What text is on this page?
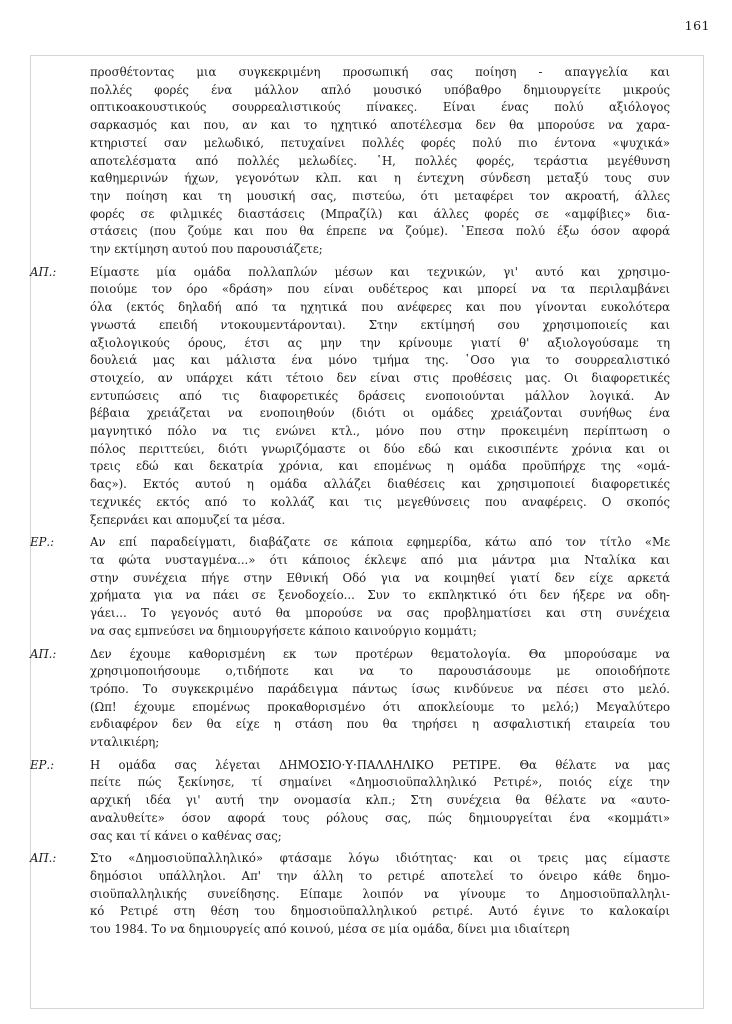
161
προσθέτοντας μια συγκεκριμένη προσωπική σας ποίηση - απαγγελία και
πολλές φορές ένα μάλλον απλό μουσικό υπόβαθρο δημιουργείτε μικρούς
οπτικοακουστικούς σουρρεαλιστικούς πίνακες. Είναι ένας πολύ αξιόλογος
σαρκασμός και που, αν και το ηχητικό αποτέλεσμα δεν θα μπορούσε να χαρα-
κτηριστεί σαν μελωδικό, πετυχαίνει πολλές φορές πολύ πιο έντονα «ψυχικά»
αποτελέσματα από πολλές μελωδίες. ῾Η, πολλές φορές, τεράστια μεγέθυνση
καθημερινών ήχων, γεγονότων κλπ. και η έντεχνη σύνδεση μεταξύ τους συν
την ποίηση και τη μουσική σας, πιστεύω, ότι μεταφέρει τον ακροατή, άλλες
φορές σε φιλμικές διαστάσεις (Μπραζίλ) και άλλες φορές σε «αμφίβιες» δια-
στάσεις (που ζούμε και που θα έπρεπε να ζούμε). ῾Επεσα πολύ έξω όσον αφορά
την εκτίμηση αυτού που παρουσιάζετε;
ΑΠ.:	Είμαστε μία ομάδα πολλαπλών μέσων και τεχνικών, γι' αυτό και χρησιμο-
ποιούμε τον όρο «δράση» που είναι ουδέτερος και μπορεί να τα περιλαμβάνει
όλα (εκτός δηλαδή από τα ηχητικά που ανέφερες και που γίνονται ευκολότερα
γνωστά επειδή ντοκουμεντάρονται). Στην εκτίμησή σου χρησιμοποιείς και
αξιολογικούς όρους, έτσι ας μην την κρίνουμε γιατί θ' αξιολογούσαμε τη
δουλειά μας και μάλιστα ένα μόνο τμήμα της. ῾Οσο για το σουρρεαλιστικό
στοιχείο, αν υπάρχει κάτι τέτοιο δεν είναι στις προθέσεις μας. Οι διαφορετικές
εντυπώσεις από τις διαφορετικές δράσεις ενοποιούνται μάλλον λογικά. Αν
βέβαια χρειάζεται να ενοποιηθούν (διότι οι ομάδες χρειάζονται συνήθως ένα
μαγνητικό πόλο να τις ενώνει κτλ., μόνο που στην προκειμένη περίπτωση ο
πόλος περιττεύει, διότι γνωριζόμαστε οι δύο εδώ και εικοσιπέντε χρόνια και οι
τρεις εδώ και δεκατρία χρόνια, και επομένως η ομάδα προϋπήρχε της «ομά-
δας»). Εκτός αυτού η ομάδα αλλάζει διαθέσεις και χρησιμοποιεί διαφορετικές
τεχνικές εκτός από το κολλάζ και τις μεγεθύνσεις που αναφέρεις. Ο σκοπός
ξεπερνάει και απομυζεί τα μέσα.
ΕΡ.:	Αν επί παραδείγματι, διαβάζατε σε κάποια εφημερίδα, κάτω από τον τίτλο «Με
τα φώτα νυσταγμένα...» ότι κάποιος έκλεψε από μια μάντρα μια Νταλίκα και
στην συνέχεια πήγε στην Εθνική Οδό για να κοιμηθεί γιατί δεν είχε αρκετά
χρήματα για να πάει σε ξενοδοχείο... Συν το εκπληκτικό ότι δεν ήξερε να οδη-
γάει... Το γεγονός αυτό θα μπορούσε να σας προβληματίσει και στη συνέχεια
να σας εμπνεύσει να δημιουργήσετε κάποιο καινούργιο κομμάτι;
ΑΠ.:	Δεν έχουμε καθορισμένη εκ των προτέρων θεματολογία. Θα μπορούσαμε να
χρησιμοποιήσουμε ο,τιδήποτε και να το παρουσιάσουμε με οποιοδήποτε
τρόπο. Το συγκεκριμένο παράδειγμα πάντως ίσως κινδύνευε να πέσει στο μελό.
(Ωπ! έχουμε επομένως προκαθορισμένο ότι αποκλείουμε το μελό;) Μεγαλύτερο
ενδιαφέρον δεν θα είχε η στάση που θα τηρήσει η ασφαλιστική εταιρεία του
νταλικιέρη;
ΕΡ.:	Η ομάδα σας λέγεται ΔΗΜΟΣΙΟ·Υ·ΠΑΛΛΗΛΙΚΟ ΡΕΤΙΡΕ. Θα θέλατε να μας
πείτε πώς ξεκίνησε, τί σημαίνει «Δημοσιοϋπαλληλικό Ρετιρέ», ποιός είχε την
αρχική ιδέα γι' αυτή την ονομασία κλπ.; Στη συνέχεια θα θέλατε να «αυτο-
αναλυθείτε» όσον αφορά τους ρόλους σας, πώς δημιουργείται ένα «κομμάτι»
σας και τί κάνει ο καθένας σας;
ΑΠ.:	Στο «Δημοσιοϋπαλληλικό» φτάσαμε λόγω ιδιότητας· και οι τρεις μας είμαστε
δημόσιοι υπάλληλοι. Απ' την άλλη το ρετιρέ αποτελεί το όνειρο κάθε δημο-
σιοϋπαλληλικής συνείδησης. Είπαμε λοιπόν να γίνουμε το Δημοσιοϋπαλληλι-
κό Ρετιρέ στη θέση του δημοσιοϋπαλληλικού ρετιρέ. Αυτό έγινε το καλοκαίρι
του 1984. Το να δημιουργείς από κοινού, μέσα σε μία ομάδα, δίνει μια ιδιαίτερη
